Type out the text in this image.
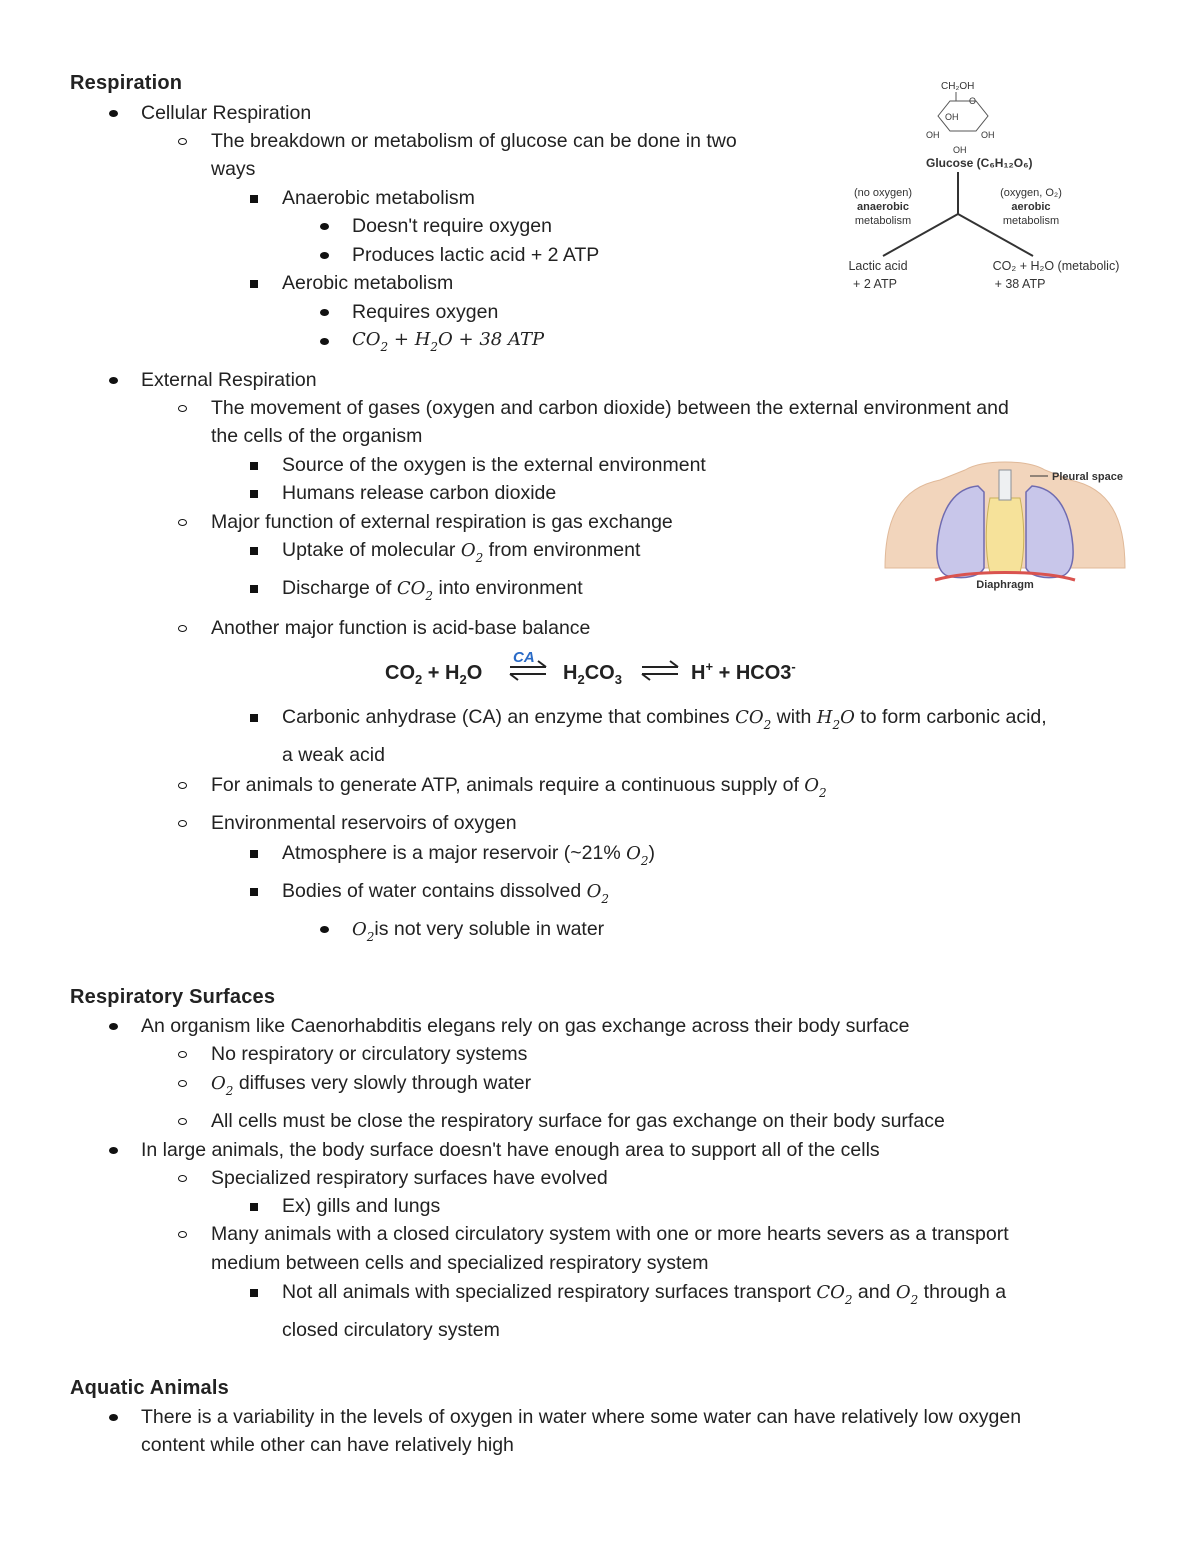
Respiration
Cellular Respiration
The breakdown or metabolism of glucose can be done in two
ways
Anaerobic metabolism
Doesn't require oxygen
Produces lactic acid + 2 ATP
Aerobic metabolism
Requires oxygen
$CO_2 + H_2O + 38$ ATP
External Respiration
The movement of gases (oxygen and carbon dioxide) between the external environment and
the cells of the organism
Source of the oxygen is the external environment
Humans release carbon dioxide
Major function of external respiration is gas exchange
Uptake of molecular $O_2$ from environment
Discharge of $CO_2$ into environment
Another major function is acid-base balance
$CO_2 + H_2O$
CA
$H_2CO_3$	H+ + HCO3-
Carbonic anhydrase (CA) an enzyme that combines $CO_2$ with $H_2O$ to form carbonic acid,
a weak acid
For animals to generate ATP, animals require a continuous supply of $O_2$
Environmental reservoirs of oxygen
Atmosphere is a major reservoir (~21% $O_2$)
Bodies of water contains dissolved $O_2$
$O_2is$ not very soluble in water
Respiratory Surfaces
An organism like Caenorhabditis elegans rely on gas exchange across their body surface
No respiratory or circulatory systems
$O_2$ diffuses very slowly through water
All cells must be close the respiratory surface for gas exchange on their body surface
In large animals, the body surface doesn't have enough area to support all of the cells
Specialized respiratory surfaces have evolved
Ex) gills and lungs
Many animals with a closed circulatory system with one or more hearts severs as a transport
medium between cells and specialized respiratory system
Not all animals with specialized respiratory surfaces transport $CO_2$ and $O_2$ through a
closed circulatory system
Aquatic Animals
There is a variability in the levels of oxygen in water where some water can have relatively low oxygen
content while other can have relatively high
CH₂OH
O
OH
OH	OH
OH
Glucose (C₆H₁₂O₆)
(no oxygen)
anaerobic
metabolism
(oxygen, O₂)
aerobic
metabolism
Lactic acid
+ 2 ATP
CO₂ + H₂O (metabolic)
+ 38 ATP
Pleural space
Diaphragm
